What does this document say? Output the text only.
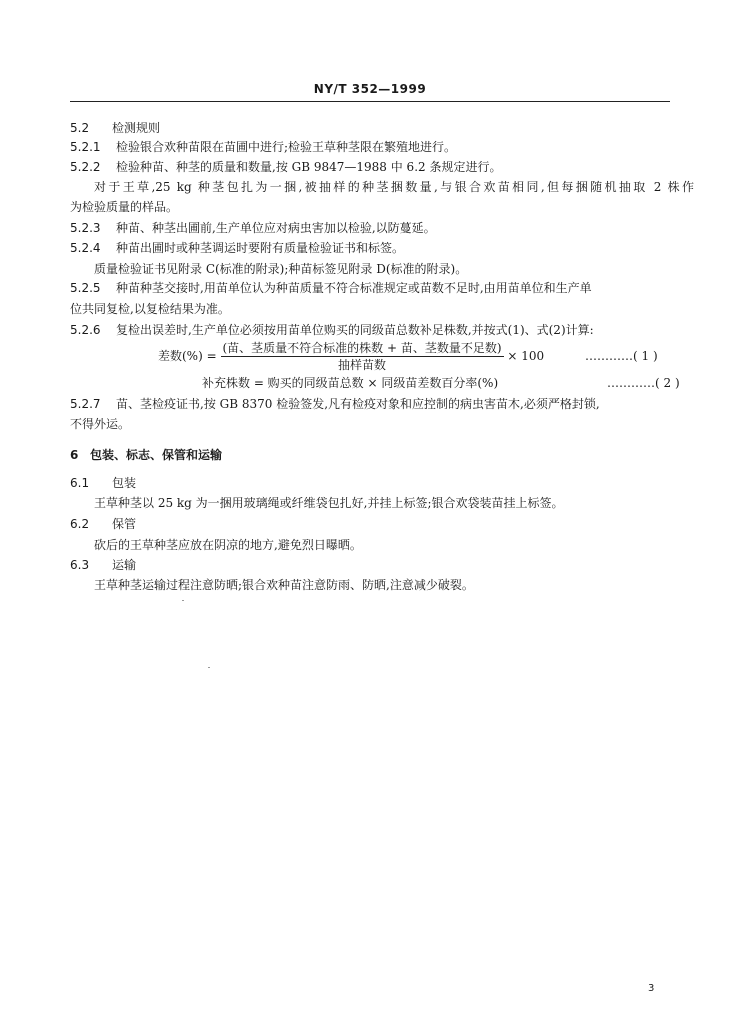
NY/T 352—1999
5.2 检测规则
5.2.1 检验银合欢种苗限在苗圃中进行;检验王草种茎限在繁殖地进行。
5.2.2 检验种苗、种茎的质量和数量,按 GB 9847—1988 中 6.2 条规定进行。
对于王草,25 kg 种茎包扎为一捆,被抽样的种茎捆数量,与银合欢苗相同,但每捆随机抽取 2 株作
为检验质量的样品。
5.2.3 种苗、种茎出圃前,生产单位应对病虫害加以检验,以防蔓延。
5.2.4 种苗出圃时或种茎调运时要附有质量检验证书和标签。
质量检验证书见附录 C(标准的附录);种苗标签见附录 D(标准的附录)。
5.2.5 种苗种茎交接时,用苗单位认为种苗质量不符合标准规定或苗数不足时,由用苗单位和生产单
位共同复检,以复检结果为准。
5.2.6 复检出误差时,生产单位必须按用苗单位购买的同级苗总数补足株数,并按式(1)、式(2)计算:
差数(%) = $\frac{\text{(苗、茎质量不符合标准的株数 + 苗、茎数量不足数)}}{\text{抽样苗数}} \times 100$	…………( 1 )
补充株数 = 购买的同级苗总数 × 同级苗差数百分率(%)	…………( 2 )
5.2.7 苗、茎检疫证书,按 GB 8370 检验签发,凡有检疫对象和应控制的病虫害苗木,必须严格封锁,
不得外运。
6 包装、标志、保管和运输
6.1 包装
王草种茎以 25 kg 为一捆用玻璃绳或纤维袋包扎好,并挂上标签;银合欢袋装苗挂上标签。
6.2 保管
砍后的王草种茎应放在阴凉的地方,避免烈日曝晒。
6.3 运输
王草种茎运输过程注意防晒;银合欢种苗注意防雨、防晒,注意减少破裂。
3
